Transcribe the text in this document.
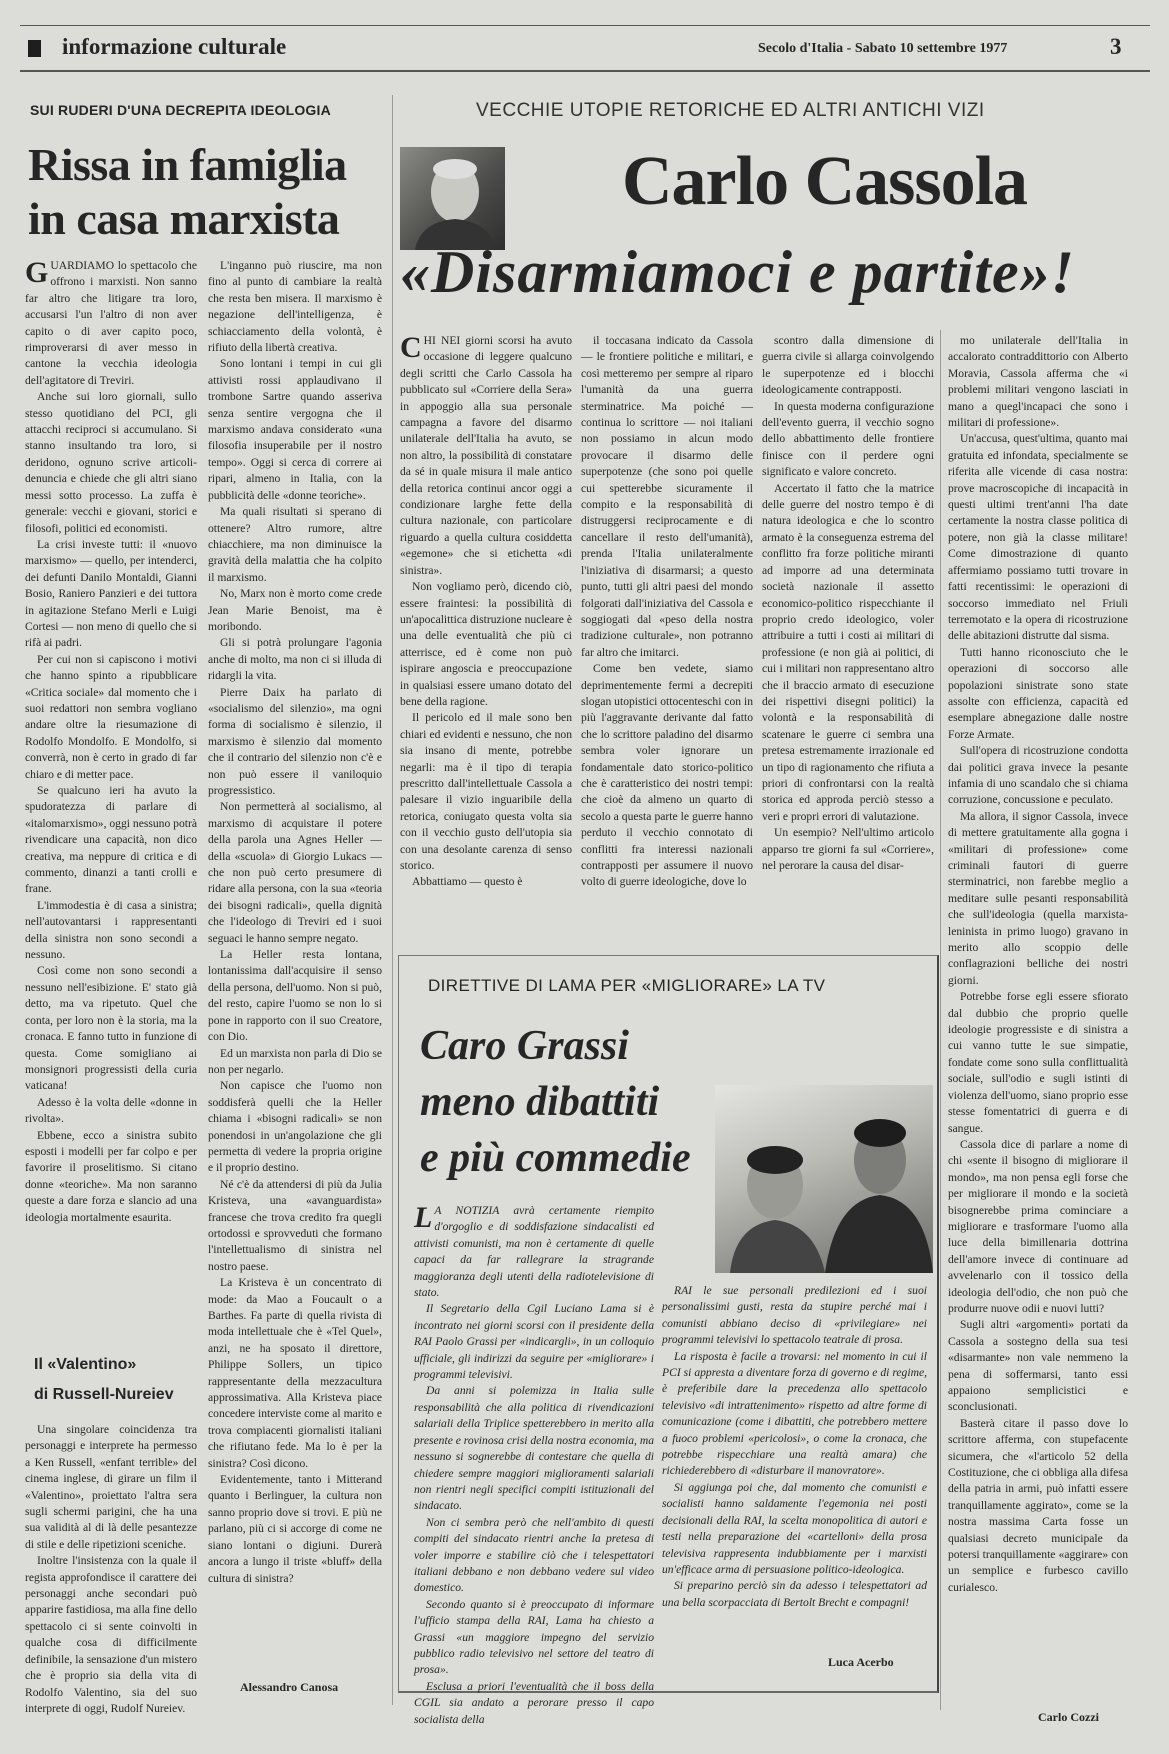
informazione culturale	Secolo d'Italia - Sabato 10 settembre 1977	3
SUI RUDERI D'UNA DECREPITA IDEOLOGIA
Rissa in famiglia
in casa marxista

GUARDIAMO lo spettacolo che offrono i marxisti. Non sanno far altro che litigare tra loro, accusarsi l'un l'altro di non aver capito o di aver capito poco, rimproverarsi di aver messo in cantone la vecchia ideologia dell'agitatore di Treviri.

Anche sui loro giornali, sullo stesso quotidiano del PCI, gli attacchi reciproci si accumulano. Si stanno insultando tra loro, si deridono, ognuno scrive articoli-denuncia e chiede che gli altri siano messi sotto processo. La zuffa è generale: vecchi e giovani, storici e filosofi, politici ed economisti.

La crisi investe tutti: il «nuovo marxismo» — quello, per intenderci, dei defunti Danilo Montaldi, Gianni Bosio, Raniero Panzieri e dei tuttora in agitazione Stefano Merli e Luigi Cortesi — non meno di quello che si rifà ai padri.

Per cui non si capiscono i motivi che hanno spinto a ripubblicare «Critica sociale» dal momento che i suoi redattori non sembra vogliano andare oltre la riesumazione di Rodolfo Mondolfo. E Mondolfo, si converrà, non è certo in grado di far chiaro e di metter pace.

Se qualcuno ieri ha avuto la spudoratezza di parlare di «italomarxismo», oggi nessuno potrà rivendicare una capacità, non dico creativa, ma neppure di critica e di commento, dinanzi a tanti crolli e frane.

L'immodestia è di casa a sinistra; nell'autovantarsi i rappresentanti della sinistra non sono secondi a nessuno.

Così come non sono secondi a nessuno nell'esibizione. E' stato già detto, ma va ripetuto. Quel che conta, per loro non è la storia, ma la cronaca. E fanno tutto in funzione di questa. Come somigliano ai monsignori progressisti della curia vaticana!

Adesso è la volta delle «donne in rivolta».

Ebbene, ecco a sinistra subito esposti i modelli per far colpo e per favorire il proselitismo. Si citano donne «teoriche». Ma non saranno queste a dare forza e slancio ad una ideologia mortalmente esaurita.

L'inganno può riuscire, ma non fino al punto di cambiare la realtà che resta ben misera. Il marxismo è negazione dell'intelligenza, è schiacciamento della volontà, è rifiuto della libertà creativa.

Sono lontani i tempi in cui gli attivisti rossi applaudivano il trombone Sartre quando asseriva senza sentire vergogna che il marxismo andava considerato «una filosofia insuperabile per il nostro tempo». Oggi si cerca di correre ai ripari, almeno in Italia, con la pubblicità delle «donne teoriche».

Ma quali risultati si sperano di ottenere? Altro rumore, altre chiacchiere, ma non diminuisce la gravità della malattia che ha colpito il marxismo.

No, Marx non è morto come crede Jean Marie Benoist, ma è moribondo.

Gli si potrà prolungare l'agonia anche di molto, ma non ci si illuda di ridargli la vita.

Pierre Daix ha parlato di «socialismo del silenzio», ma ogni forma di socialismo è silenzio, il marxismo è silenzio dal momento che il contrario del silenzio non c'è e non può essere il vaniloquio progressistico.

Non permetterà al socialismo, al marxismo di acquistare il potere della parola una Agnes Heller — della «scuola» di Giorgio Lukacs — che non può certo presumere di ridare alla persona, con la sua «teoria dei bisogni radicali», quella dignità che l'ideologo di Treviri ed i suoi seguaci le hanno sempre negato.

La Heller resta lontana, lontanissima dall'acquisire il senso della persona, dell'uomo. Non si può, del resto, capire l'uomo se non lo si pone in rapporto con il suo Creatore, con Dio.

Ed un marxista non parla di Dio se non per negarlo.

Non capisce che l'uomo non soddisferà quelli che la Heller chiama i «bisogni radicali» se non ponendosi in un'angolazione che gli permetta di vedere la propria origine e il proprio destino.

Né c'è da attendersi di più da Julia Kristeva, una «avanguardista» francese che trova credito fra quegli ortodossi e sprovveduti che formano l'intellettualismo di sinistra nel nostro paese.

La Kristeva è un concentrato di mode: da Mao a Foucault o a Barthes. Fa parte di quella rivista di moda intellettuale che è «Tel Quel», anzi, ne ha sposato il direttore, Philippe Sollers, un tipico rappresentante della mezzacultura approssimativa. Alla Kristeva piace concedere interviste come al marito e trova compiacenti giornalisti italiani che rifiutano fede. Ma lo è per la sinistra? Così dicono.

Evidentemente, tanto i Mitterand quanto i Berlinguer, la cultura non sanno proprio dove si trovi. E più ne parlano, più ci si accorge di come ne siano lontani o digiuni. Durerà ancora a lungo il triste «bluff» della cultura di sinistra?

Alessandro Canosa
Il «Valentino»
di Russell-Nureiev

Una singolare coincidenza tra personaggi e interprete ha permesso a Ken Russell, «enfant terrible» del cinema inglese, di girare un film il «Valentino», proiettato l'altra sera sugli schermi parigini, che ha una sua validità al di là delle pesantezze di stile e delle ripetizioni sceniche.

Inoltre l'insistenza con la quale il regista approfondisce il carattere dei personaggi anche secondari può apparire fastidiosa, ma alla fine dello spettacolo ci si sente coinvolti in qualche cosa di difficilmente definibile, la sensazione d'un mistero che è proprio sia della vita di Rodolfo Valentino, sia del suo interprete di oggi, Rudolf Nureiev.

VECCHIE UTOPIE RETORICHE ED ALTRI ANTICHI VIZI
Carlo Cassola
«Disarmiamoci e partite»!

CHI NEI giorni scorsi ha avuto occasione di leggere qualcuno degli scritti che Carlo Cassola ha pubblicato sul «Corriere della Sera» in appoggio alla sua personale campagna a favore del disarmo unilaterale dell'Italia ha avuto, se non altro, la possibilità di constatare da sé in quale misura il male antico della retorica continui ancor oggi a condizionare larghe fette della cultura nazionale, con particolare riguardo a quella cultura cosiddetta «egemone» che si etichetta «di sinistra».

Non vogliamo però, dicendo ciò, essere fraintesi: la possibilità di un'apocalittica distruzione nucleare è una delle eventualità che più ci atterrisce, ed è come non può ispirare angoscia e preoccupazione in qualsiasi essere umano dotato del bene della ragione.

Il pericolo ed il male sono ben chiari ed evidenti e nessuno, che non sia insano di mente, potrebbe negarli: ma è il tipo di terapia prescritto dall'intellettuale Cassola a palesare il vizio inguaribile della retorica, coniugato questa volta sia con il vecchio gusto dell'utopia sia con una desolante carenza di senso storico.

Abbattiamo — questo è

il toccasana indicato da Cassola — le frontiere politiche e militari, e così metteremo per sempre al riparo l'umanità da una guerra sterminatrice. Ma poiché — continua lo scrittore — noi italiani non possiamo in alcun modo provocare il disarmo delle superpotenze (che sono poi quelle cui spetterebbe sicuramente il compito e la responsabilità di distruggersi reciprocamente e di cancellare il resto dell'umanità), prenda l'Italia unilateralmente l'iniziativa di disarmarsi; a questo punto, tutti gli altri paesi del mondo folgorati dall'iniziativa del Cassola e soggiogati dal «peso della nostra tradizione culturale», non potranno far altro che imitarci.

Come ben vedete, siamo deprimentemente fermi a decrepiti slogan utopistici ottocenteschi con in più l'aggravante derivante dal fatto che lo scrittore paladino del disarmo sembra voler ignorare un fondamentale dato storico-politico che è caratteristico dei nostri tempi: che cioè da almeno un quarto di secolo a questa parte le guerre hanno perduto il vecchio connotato di conflitti fra interessi nazionali contrapposti per assumere il nuovo volto di guerre ideologiche, dove lo

scontro dalla dimensione di guerra civile si allarga coinvolgendo le superpotenze ed i blocchi ideologicamente contrapposti.

In questa moderna configurazione dell'evento guerra, il vecchio sogno dello abbattimento delle frontiere finisce con il perdere ogni significato e valore concreto.

Accertato il fatto che la matrice delle guerre del nostro tempo è di natura ideologica e che lo scontro armato è la conseguenza estrema del conflitto fra forze politiche miranti ad imporre ad una determinata società nazionale il assetto economico-politico rispecchiante il proprio credo ideologico, voler attribuire a tutti i costi ai militari di professione (e non già ai politici, di cui i militari non rappresentano altro che il braccio armato di esecuzione dei rispettivi disegni politici) la volontà e la responsabilità di scatenare le guerre ci sembra una pretesa estremamente irrazionale ed un tipo di ragionamento che rifiuta a priori di confrontarsi con la realtà storica ed approda perciò stesso a veri e propri errori di valutazione.

Un esempio? Nell'ultimo articolo apparso tre giorni fa sul «Corriere», nel perorare la causa del disar-

mo unilaterale dell'Italia in accalorato contraddittorio con Alberto Moravia, Cassola afferma che «i problemi militari vengono lasciati in mano a quegl'incapaci che sono i militari di professione».

Un'accusa, quest'ultima, quanto mai gratuita ed infondata, specialmente se riferita alle vicende di casa nostra: prove macroscopiche di incapacità in questi ultimi trent'anni l'ha date certamente la nostra classe politica di potere, non già la classe militare! Come dimostrazione di quanto affermiamo possiamo tutti trovare in fatti recentissimi: le operazioni di soccorso immediato nel Friuli terremotato e la opera di ricostruzione delle abitazioni distrutte dal sisma.

Tutti hanno riconosciuto che le operazioni di soccorso alle popolazioni sinistrate sono state assolte con efficienza, capacità ed esemplare abnegazione dalle nostre Forze Armate.

Sull'opera di ricostruzione condotta dai politici grava invece la pesante infamia di uno scandalo che si chiama corruzione, concussione e peculato.

Ma allora, il signor Cassola, invece di mettere gratuitamente alla gogna i «militari di professione» come criminali fautori di guerre sterminatrici, non farebbe meglio a meditare sulle pesanti responsabilità che sull'ideologia (quella marxista-leninista in primo luogo) gravano in merito allo scoppio delle conflagrazioni belliche dei nostri giorni.

Potrebbe forse egli essere sfiorato dal dubbio che proprio quelle ideologie progressiste e di sinistra a cui vanno tutte le sue simpatie, fondate come sono sulla conflittualità sociale, sull'odio e sugli istinti di violenza dell'uomo, siano proprio esse stesse fomentatrici di guerra e di sangue.

Cassola dice di parlare a nome di chi «sente il bisogno di migliorare il mondo», ma non pensa egli forse che per migliorare il mondo e la società bisognerebbe prima cominciare a migliorare e trasformare l'uomo alla luce della bimillenaria dottrina dell'amore invece di continuare ad avvelenarlo con il tossico della ideologia dell'odio, che non può che produrre nuove odii e nuovi lutti?

Sugli altri «argomenti» portati da Cassola a sostegno della sua tesi «disarmante» non vale nemmeno la pena di soffermarsi, tanto essi appaiono semplicistici e sconclusionati.

Basterà citare il passo dove lo scrittore afferma, con stupefacente sicumera, che «l'articolo 52 della Costituzione, che ci obbliga alla difesa della patria in armi, può infatti essere tranquillamente aggirato», come se la nostra massima Carta fosse un qualsiasi decreto municipale da potersi tranquillamente «aggirare» con un semplice e furbesco cavillo curialesco.

Carlo Cozzi
DIRETTIVE DI LAMA PER «MIGLIORARE» LA TV
Caro Grassi
meno dibattiti
e più commedie

LA NOTIZIA avrà certamente riempito d'orgoglio e di soddisfazione sindacalisti ed attivisti comunisti, ma non è certamente di quelle capaci da far rallegrare la stragrande maggioranza degli utenti della radiotelevisione di stato.

Il Segretario della Cgil Luciano Lama si è incontrato nei giorni scorsi con il presidente della RAI Paolo Grassi per «indicargli», in un colloquio ufficiale, gli indirizzi da seguire per «migliorare» i programmi televisivi.

Da anni si polemizza in Italia sulle responsabilità che alla politica di rivendicazioni salariali della Triplice spetterebbero in merito alla presente e rovinosa crisi della nostra economia, ma nessuno si sognerebbe di contestare che quella di chiedere sempre maggiori miglioramenti salariali non rientri negli specifici compiti istituzionali del sindacato.

Non ci sembra però che nell'ambito di questi compiti del sindacato rientri anche la pretesa di voler imporre e stabilire ciò che i telespettatori italiani debbano e non debbano vedere sul video domestico.

Secondo quanto si è preoccupato di informare l'ufficio stampa della RAI, Lama ha chiesto a Grassi «un maggiore impegno del servizio pubblico radio televisivo nel settore del teatro di prosa».

Esclusa a priori l'eventualità che il boss della CGIL sia andato a perorare presso il capo socialista della

RAI le sue personali predilezioni ed i suoi personalissimi gusti, resta da stupire perché mai i comunisti abbiano deciso di «privilegiare» nei programmi televisivi lo spettacolo teatrale di prosa.

La risposta è facile a trovarsi: nel momento in cui il PCI si appresta a diventare forza di governo e di regime, è preferibile dare la precedenza allo spettacolo televisivo «di intrattenimento» rispetto ad altre forme di comunicazione (come i dibattiti, che potrebbero mettere a fuoco problemi «pericolosi», o come la cronaca, che potrebbe rispecchiare una realtà amara) che richiederebbero di «disturbare il manovratore».

Si aggiunga poi che, dal momento che comunisti e socialisti hanno saldamente l'egemonia nei posti decisionali della RAI, la scelta monopolitica di autori e testi nella preparazione dei «cartelloni» della prosa televisiva rappresenta indubbiamente per i marxisti un'efficace arma di persuasione politico-ideologica.

Si preparino perciò sin da adesso i telespettatori ad una bella scorpacciata di Bertolt Brecht e compagni!

Luca Acerbo
